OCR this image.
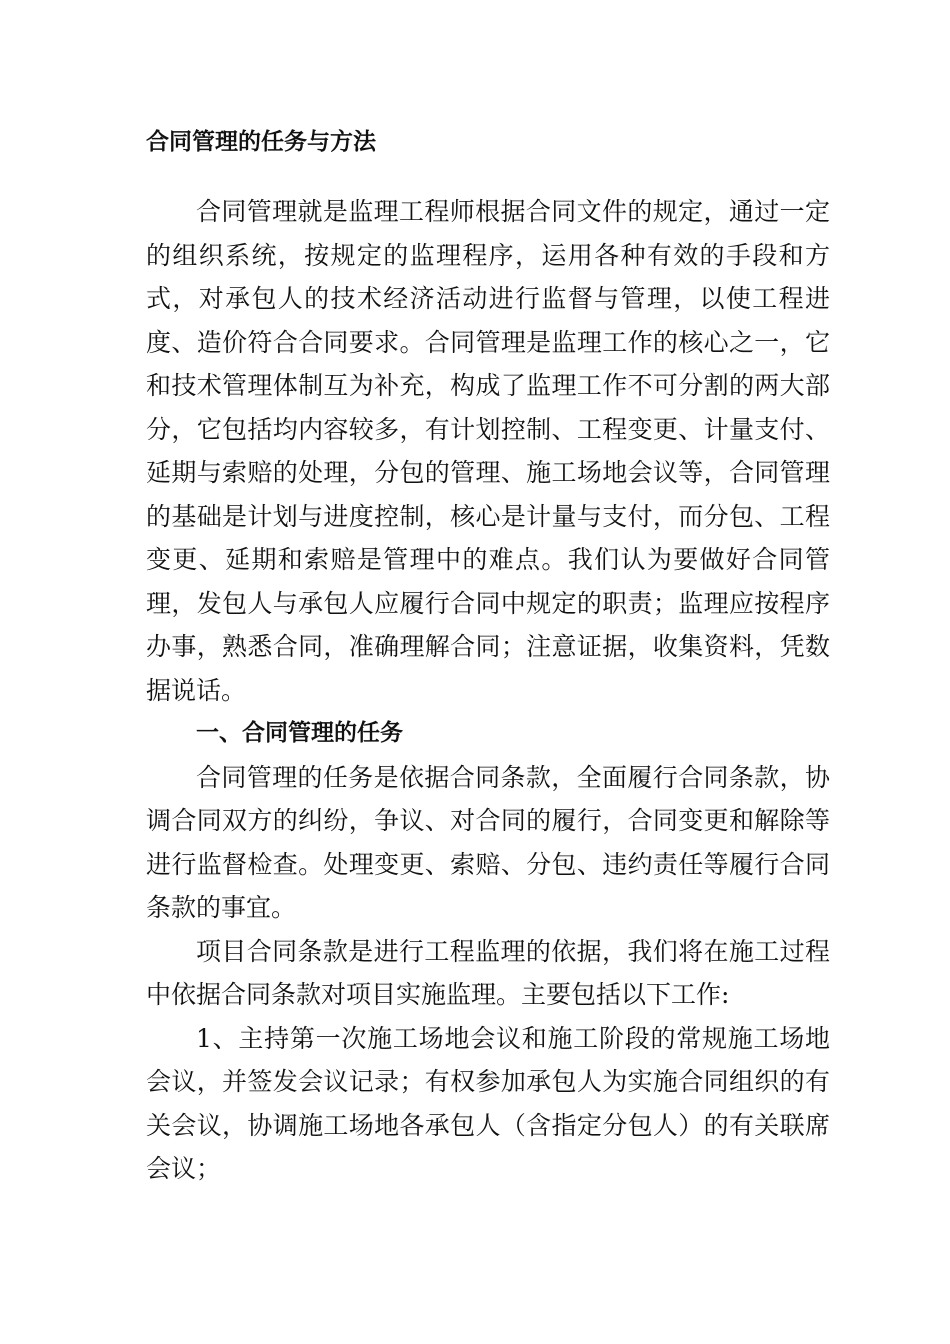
合同管理的任务与方法

合同管理就是监理工程师根据合同文件的规定，通过一定的组织系统，按规定的监理程序，运用各种有效的手段和方式，对承包人的技术经济活动进行监督与管理，以使工程进度、造价符合合同要求。合同管理是监理工作的核心之一，它和技术管理体制互为补充，构成了监理工作不可分割的两大部分，它包括均内容较多，有计划控制、工程变更、计量支付、延期与索赔的处理，分包的管理、施工场地会议等，合同管理的基础是计划与进度控制，核心是计量与支付，而分包、工程变更、延期和索赔是管理中的难点。我们认为要做好合同管理，发包人与承包人应履行合同中规定的职责；监理应按程序办事，熟悉合同，准确理解合同；注意证据，收集资料，凭数据说话。

一、合同管理的任务

合同管理的任务是依据合同条款，全面履行合同条款，协调合同双方的纠纷，争议、对合同的履行，合同变更和解除等进行监督检查。处理变更、索赔、分包、违约责任等履行合同条款的事宜。

项目合同条款是进行工程监理的依据，我们将在施工过程中依据合同条款对项目实施监理。主要包括以下工作:

1、主持第一次施工场地会议和施工阶段的常规施工场地会议，并签发会议记录；有权参加承包人为实施合同组织的有关会议，协调施工场地各承包人（含指定分包人）的有关联席会议；
